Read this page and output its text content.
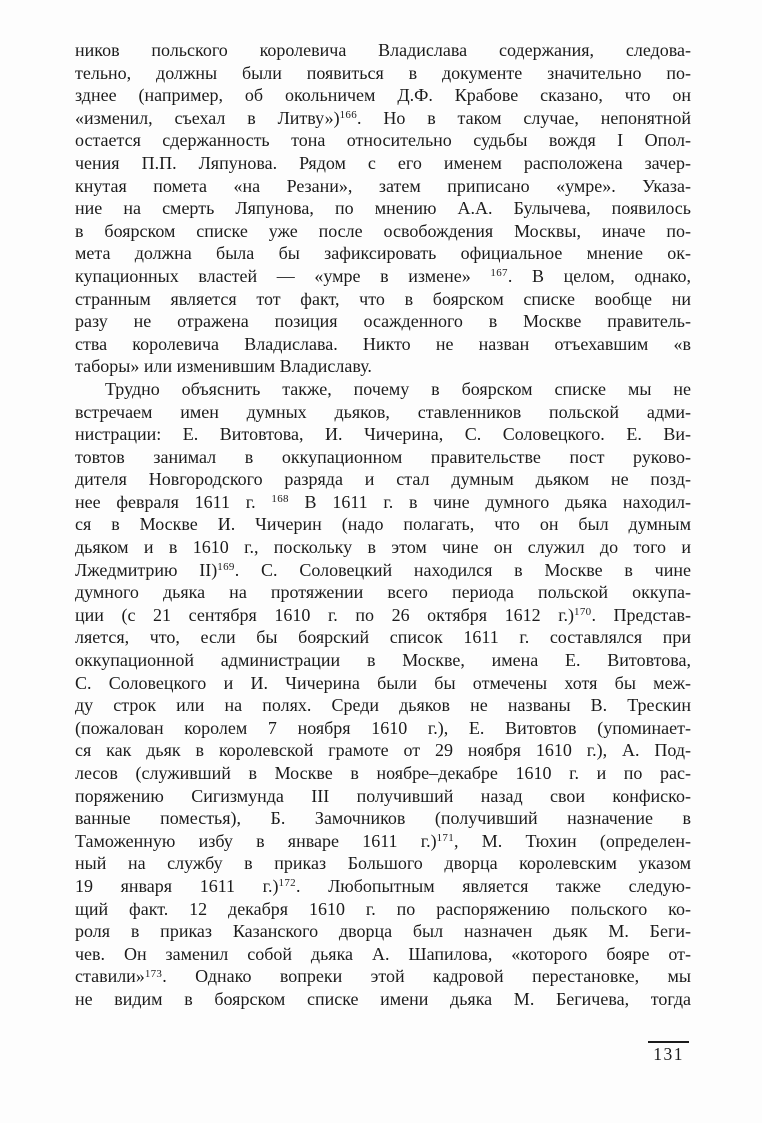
ников польского королевича Владислава содержания, следова-
тельно, должны были появиться в документе значительно по-
зднее (например, об окольничем Д.Ф. Крабове сказано, что он
«изменил, съехал в Литву»)$^{166}$. Но в таком случае, непонятной
остается сдержанность тона относительно судьбы вождя I Опол-
чения П.П. Ляпунова. Рядом с его именем расположена зачер-
кнутая помета «на Резани», затем приписано «умре». Указа-
ние на смерть Ляпунова, по мнению А.А. Булычева, появилось
в боярском списке уже после освобождения Москвы, иначе по-
мета должна была бы зафиксировать официальное мнение ок-
купационных властей — «умре в измене» $^{167}$. В целом, однако,
странным является тот факт, что в боярском списке вообще ни
разу не отражена позиция осажденного в Москве правитель-
ства королевича Владислава. Никто не назван отъехавшим «в
таборы» или изменившим Владиславу.
Трудно объяснить также, почему в боярском списке мы не
встречаем имен думных дьяков, ставленников польской адми-
нистрации: Е. Витовтова, И. Чичерина, С. Соловецкого. Е. Ви-
товтов занимал в оккупационном правительстве пост руково-
дителя Новгородского разряда и стал думным дьяком не позд-
нее февраля 1611 г. $^{168}$ В 1611 г. в чине думного дьяка находил-
ся в Москве И. Чичерин (надо полагать, что он был думным
дьяком и в 1610 г., поскольку в этом чине он служил до того и
Лжедмитрию II)$^{169}$. С. Соловецкий находился в Москве в чине
думного дьяка на протяжении всего периода польской оккупа-
ции (с 21 сентября 1610 г. по 26 октября 1612 г.)$^{170}$. Представ-
ляется, что, если бы боярский список 1611 г. составлялся при
оккупационной администрации в Москве, имена Е. Витовтова,
С. Соловецкого и И. Чичерина были бы отмечены хотя бы меж-
ду строк или на полях. Среди дьяков не названы В. Трескин
(пожалован королем 7 ноября 1610 г.), Е. Витовтов (упоминает-
ся как дьяк в королевской грамоте от 29 ноября 1610 г.), А. Под-
лесов (служивший в Москве в ноябре–декабре 1610 г. и по рас-
поряжению Сигизмунда III получивший назад свои конфиско-
ванные поместья), Б. Замочников (получивший назначение в
Таможенную избу в январе 1611 г.)$^{171}$, М. Тюхин (определен-
ный на службу в приказ Большого дворца королевским указом
19 января 1611 г.)$^{172}$. Любопытным является также следую-
щий факт. 12 декабря 1610 г. по распоряжению польского ко-
роля в приказ Казанского дворца был назначен дьяк М. Беги-
чев. Он заменил собой дьяка А. Шапилова, «которого бояре от-
ставили»$^{173}$. Однако вопреки этой кадровой перестановке, мы
не видим в боярском списке имени дьяка М. Бегичева, тогда
131
